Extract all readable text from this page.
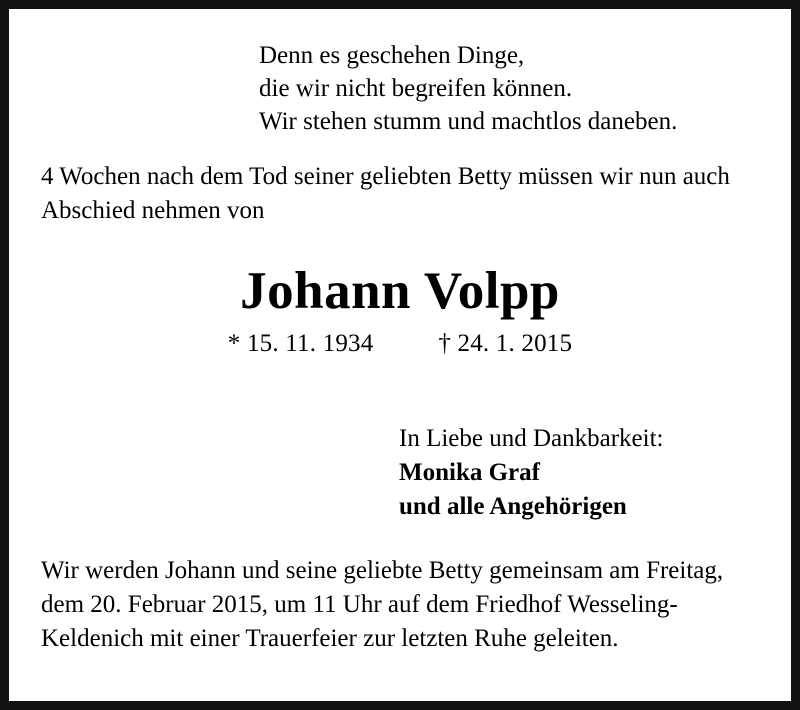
Denn es geschehen Dinge,
die wir nicht begreifen können.
Wir stehen stumm und machtlos daneben.
4 Wochen nach dem Tod seiner geliebten Betty müssen wir nun auch Abschied nehmen von
Johann Volpp
* 15. 11. 1934	† 24. 1. 2015
In Liebe und Dankbarkeit:
Monika Graf
und alle Angehörigen
Wir werden Johann und seine geliebte Betty gemeinsam am Freitag, dem 20. Februar 2015, um 11 Uhr auf dem Friedhof Wesseling-Keldenich mit einer Trauerfeier zur letzten Ruhe geleiten.
